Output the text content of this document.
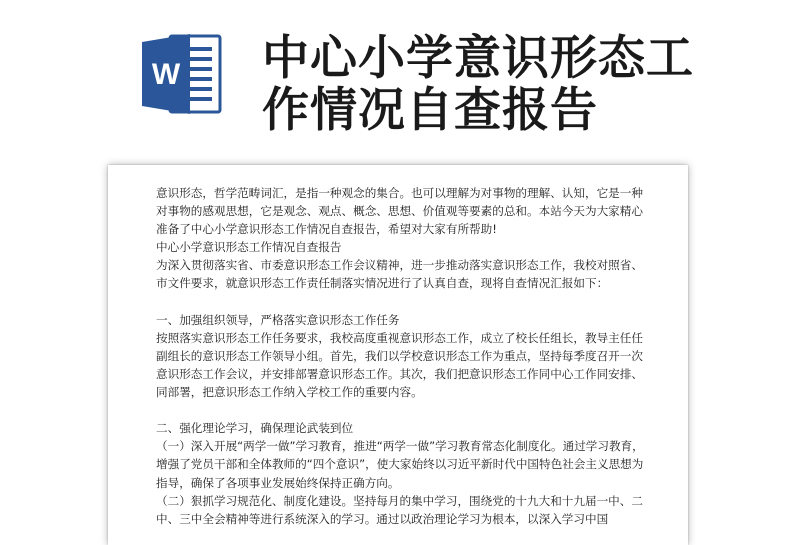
W 中心小学意识形态工作情况自查报告

意识形态，哲学范畴词汇，是指一种观念的集合。也可以理解为对事物的理解、认知，它是一种对事物的感观思想，它是观念、观点、概念、思想、价值观等要素的总和。本站今天为大家精心准备了中心小学意识形态工作情况自查报告，希望对大家有所帮助!

中心小学意识形态工作情况自查报告

为深入贯彻落实省、市委意识形态工作会议精神，进一步推动落实意识形态工作，我校对照省、市文件要求，就意识形态工作责任制落实情况进行了认真自查，现将自查情况汇报如下：

一、加强组织领导，严格落实意识形态工作任务

按照落实意识形态工作任务要求，我校高度重视意识形态工作，成立了校长任组长，教导主任任副组长的意识形态工作领导小组。首先，我们以学校意识形态工作为重点，坚持每季度召开一次意识形态工作会议，并安排部署意识形态工作。其次，我们把意识形态工作同中心工作同安排、同部署，把意识形态工作纳入学校工作的重要内容。

二、强化理论学习，确保理论武装到位

（一）深入开展“两学一做”学习教育，推进“两学一做”学习教育常态化制度化。通过学习教育，增强了党员干部和全体教师的“四个意识”，使大家始终以习近平新时代中国特色社会主义思想为指导，确保了各项事业发展始终保持正确方向。

（二）狠抓学习规范化、制度化建设。坚持每月的集中学习，围绕党的十九大和十九届一中、二中、三中全会精神等进行系统深入的学习。通过以政治理论学习为根本，以深入学习中国
